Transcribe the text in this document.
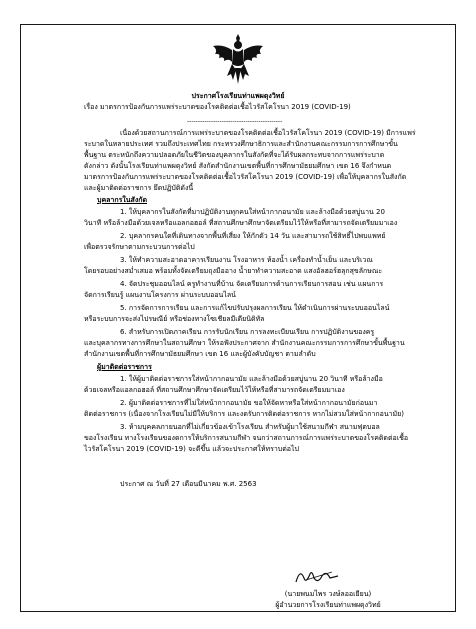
ประกาศโรงเรียนท่าแพผดุงวิทย์
เรื่อง มาตรการป้องกันการแพร่ระบาดของโรคติดต่อเชื้อไวรัสโคโรนา 2019 (COVID-19)
--------------------------------------------
เนื่องด้วยสถานการณ์การแพร่ระบาดของโรคติดต่อเชื้อไวรัสโคโรนา 2019 (COVID-19) มีการแพร่
ระบาดในหลายประเทศ รวมถึงประเทศไทย กระทรวงศึกษาธิการและสำนักงานคณะกรรมการการศึกษาขั้น
พื้นฐาน ตระหนักถึงความปลอดภัยในชีวิตของบุคลากรในสังกัดที่จะได้รับผลกระทบจากการแพร่ระบาด
ดังกล่าว ดังนั้นโรงเรียนท่าแพผดุงวิทย์ สังกัดสำนักงานเขตพื้นที่การศึกษามัธยมศึกษา เขต 16 จึงกำหนด
มาตรการป้องกันการแพร่ระบาดของโรคติดต่อเชื้อไวรัสโคโรนา 2019 (COVID-19) เพื่อให้บุคลากรในสังกัด
และผู้มาติดต่อราชการ ยึดปฏิบัติดังนี้
บุคลากรในสังกัด
1. ให้บุคลากรในสังกัดที่มาปฏิบัติงานทุกคนใส่หน้ากากอนามัย และล้างมือด้วยสบู่นาน 20
วินาที หรือล้างมือด้วยเจลหรือแอลกอฮอล์ ที่สถานศึกษาศึกษาจัดเตรียมไว้ให้หรือที่สามารถจัดเตรียมมาเอง
2. บุคลากรคนใดที่เดินทางจากพื้นที่เสี่ยง ให้กักตัว 14 วัน และสามารถใช้สิทธิ์ไปพบแพทย์
เพื่อตรวจรักษาตามกระบวนการต่อไป
3. ให้ทำความสะอาดอาคารเรียนงาน โรงอาหาร ห้องน้ำ เครื่องทำน้ำเย็น และบริเวณ
โดยรอบอย่างสม่ำเสมอ พร้อมทั้งจัดเตรียมถุงมืออาง น้ำยาทำความสะอาด แสงอัลฮอร์ฮลุกสุขลักษณะ
4. จัดประชุมออนไลน์ ครูทำงานที่บ้าน จัดเตรียมการด้านการเรียนการสอน เช่น แผนการ
จัดการเรียนรู้ แผนงานโครงการ ผ่านระบบออนไลน์
5. การจัดการการเรียน และการแก้ไขปรับปรุงผลการเรียน ให้ดำเนินการผ่านระบบออนไลน์
หรือระบบการจะส่งไปรษณีย์ หรือช่องทางโซเชียลมีเดียนิดิทัล
6. สำหรับการเปิดภาคเรียน การรับนักเรียน การลงทะเบียนเรียน การปฏิบัติงานของครู
และบุคลากรทางการศึกษาในสถานศึกษา ให้รอฟังประกาศจาก สำนักงานคณะกรรมการการศึกษาขั้นพื้นฐาน
สำนักงานเขตพื้นที่การศึกษามัธยมศึกษา เขต 16 และผู้บังคับบัญชา ตามลำดับ
ผู้มาติดต่อราชการ
1. ให้ผู้มาติดต่อราชการใส่หน้ากากอนามัย และล้างมือด้วยสบู่นาน 20 วินาที หรือล้างมือ
ด้วยเจลหรือแอลกอฮอล์ ที่สถานศึกษาศึกษาจัดเตรียมไว้ให้หรือที่สามารถจัดเตรียมมาเอง
2. ผู้มาติดต่อราชการที่ไม่ใส่หน้ากากอนามัย ขอให้จัดหาหรือใส่หน้ากากอนามัยก่อนมา
ติดต่อราชการ (เนื่องจากโรงเรียนไม่มีให้บริการ และงดรับการติดต่อราชการ หากไม่สวมใส่หน้ากากอนามัย)
3. ห้ามบุคคลภายนอกที่ไม่เกี่ยวข้องเข้าโรงเรียน สำหรับผู้มาใช้สนามกีฬา สนามฟุตบอล
ของโรงเรียน ทางโรงเรียนของดการให้บริการสนามกีฬา จนกว่าสถานการณ์การแพร่ระบาดของโรคติดต่อเชื้อ
ไวรัสโคโรนา 2019 (COVID-19) จะดีขึ้น แล้วจะประกาศให้ทราบต่อไป
ประกาศ ณ วันที่ 27 เดือนมีนาคม พ.ศ. 2563
(นายพนมไพร วงษ์ลออเยียน)
ผู้อำนวยการโรงเรียนท่าแพผดุงวิทย์
